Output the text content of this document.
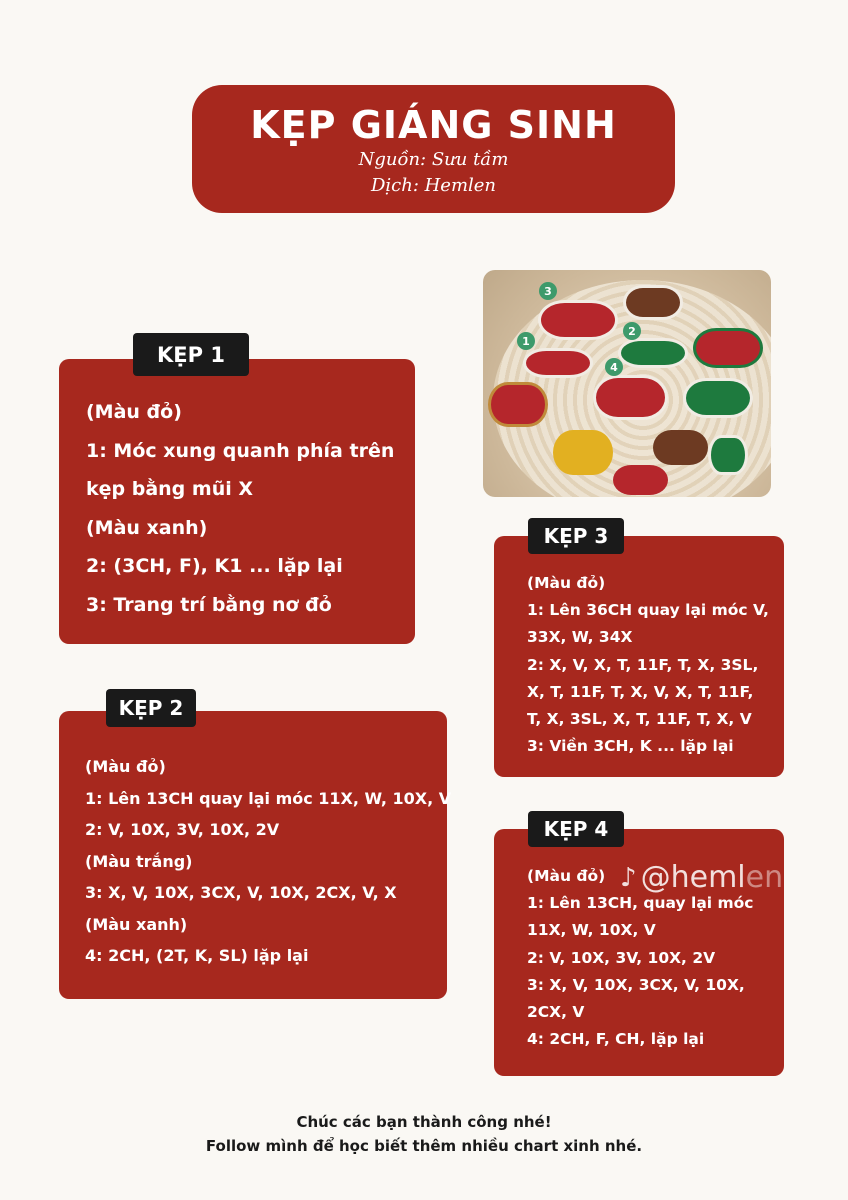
KẸP GIÁNG SINH
Nguồn: Sưu tầm
Dịch: Hemlen
1
2
3
4
(Màu đỏ)
1: Móc xung quanh phía trên
kẹp bằng mũi X
(Màu xanh)
2: (3CH, F), K1 ... lặp lại
3: Trang trí bằng nơ đỏ
KẸP 1
(Màu đỏ)
1: Lên 13CH quay lại móc 11X, W, 10X, V
2: V, 10X, 3V, 10X, 2V
(Màu trắng)
3: X, V, 10X, 3CX, V, 10X, 2CX, V, X
(Màu xanh)
4: 2CH, (2T, K, SL) lặp lại
KẸP 2
(Màu đỏ)
1: Lên 36CH quay lại móc V,
33X, W, 34X
2: X, V, X, T, 11F, T, X, 3SL,
X, T, 11F, T, X, V, X, T, 11F,
T, X, 3SL, X, T, 11F, T, X, V
3: Viền 3CH, K ... lặp lại
KẸP 3
(Màu đỏ)
1: Lên 13CH, quay lại móc
11X, W, 10X, V
2: V, 10X, 3V, 10X, 2V
3: X, V, 10X, 3CX, V, 10X,
2CX, V
4: 2CH, F, CH, lặp lại
KẸP 4
♪ @heml en
Chúc các bạn thành công nhé!
Follow mình để học biết thêm nhiều chart xinh nhé.
